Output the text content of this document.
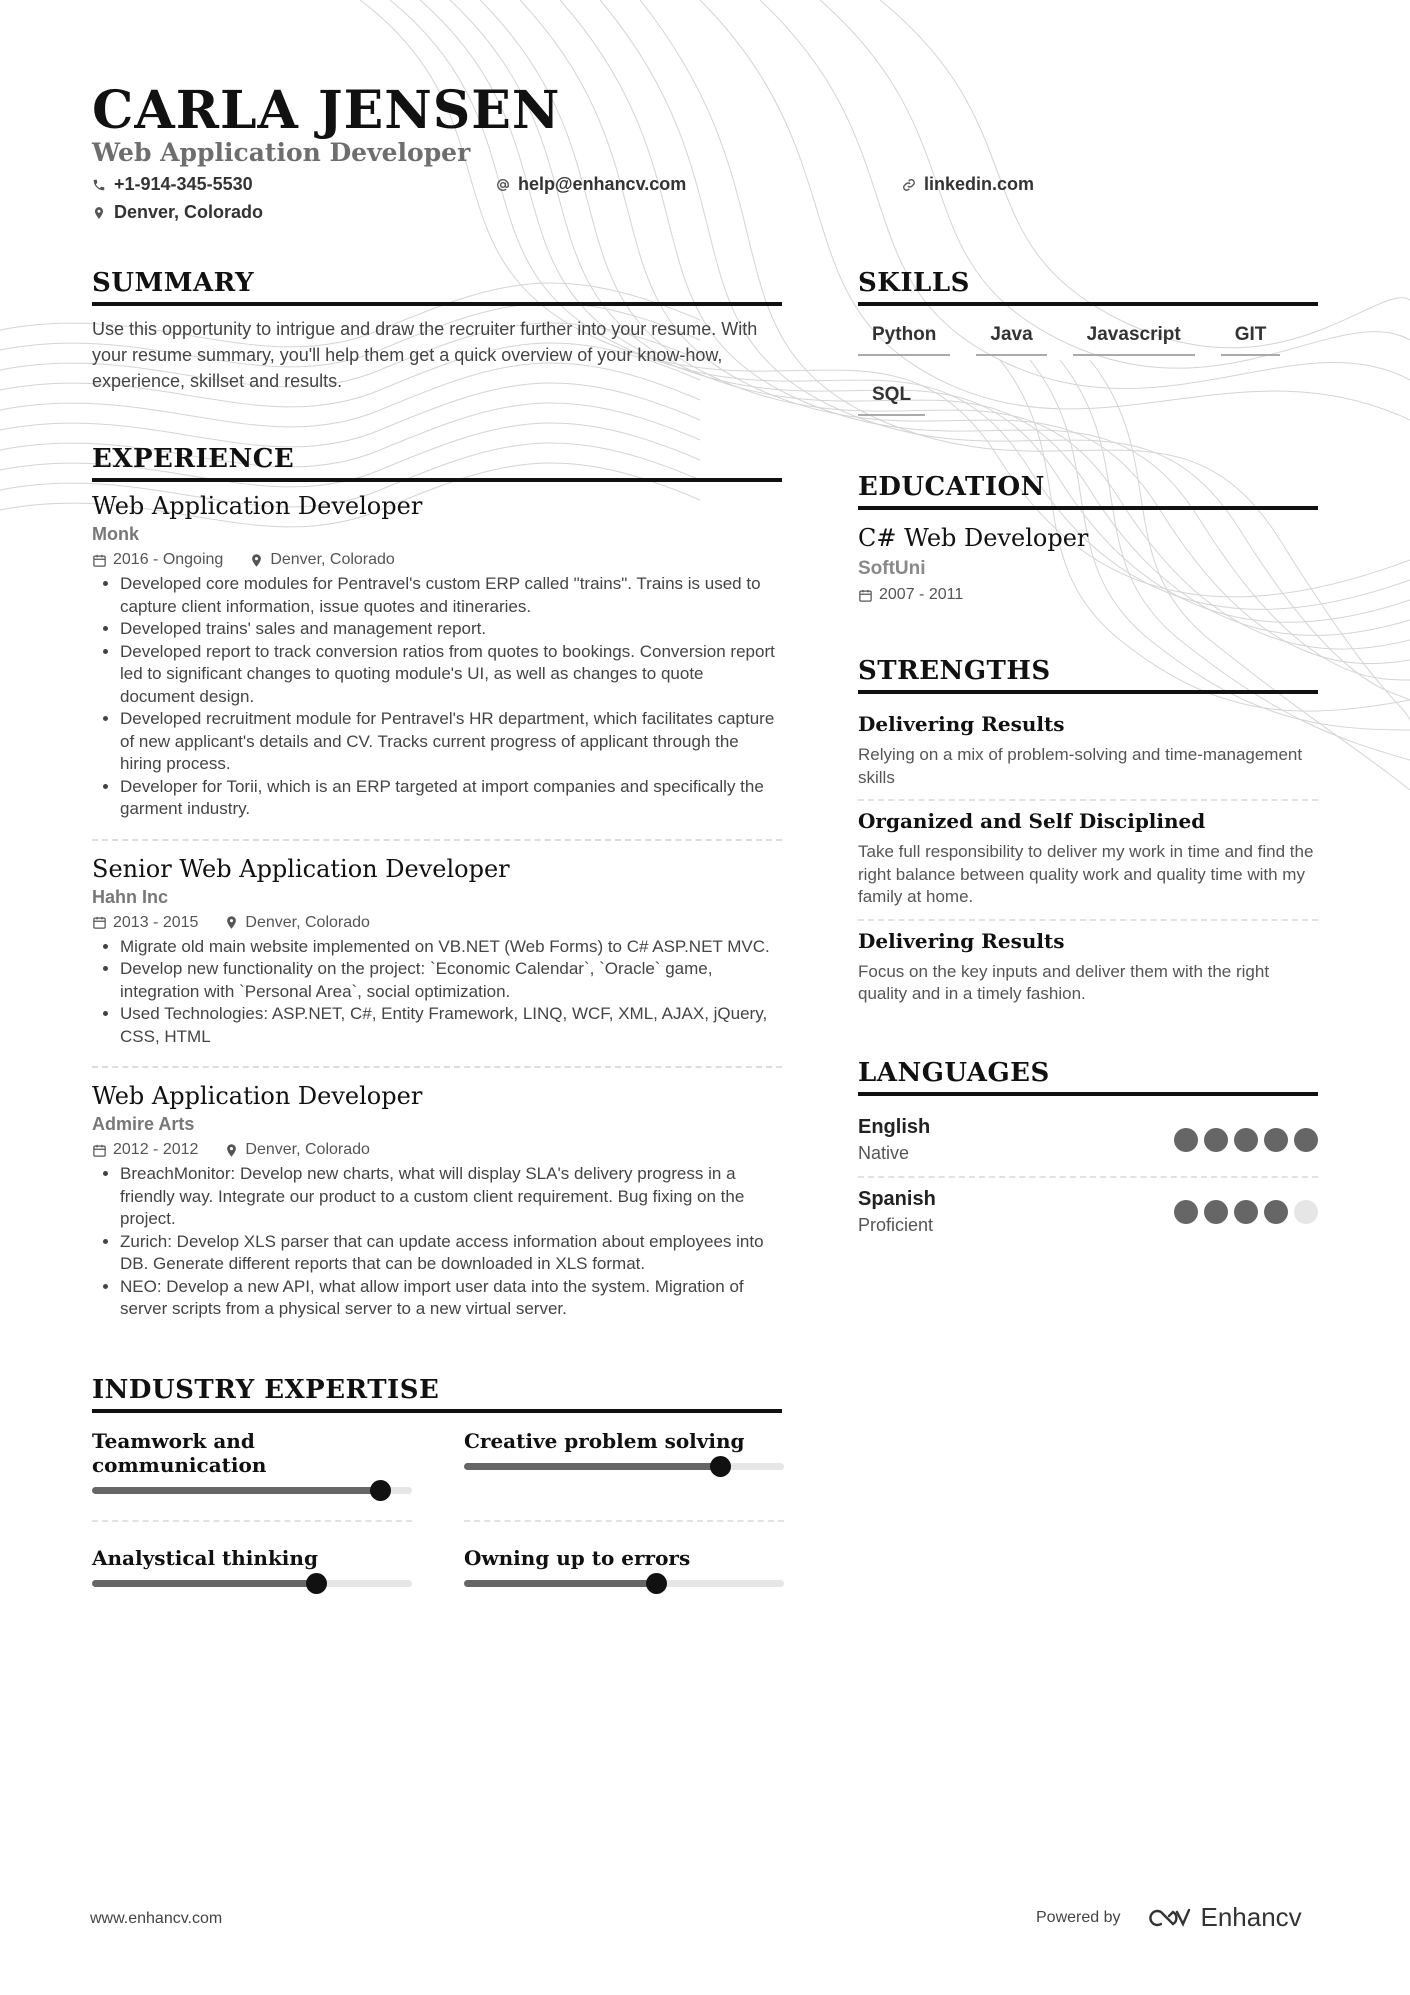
CARLA JENSEN
Web Application Developer
+1-914-345-5530	help@enhancv.com	linkedin.com
Denver, Colorado
SUMMARY

Use this opportunity to intrigue and draw the recruiter further into your resume. With your resume summary, you'll help them get a quick overview of your know-how, experience, skillset and results.

EXPERIENCE
Web Application Developer
Monk
2016 - Ongoing	Denver, Colorado
• Developed core modules for Pentravel's custom ERP called "trains". Trains is used to capture client information, issue quotes and itineraries.
• Developed trains' sales and management report.
• Developed report to track conversion ratios from quotes to bookings. Conversion report led to significant changes to quoting module's UI, as well as changes to quote document design.
• Developed recruitment module for Pentravel's HR department, which facilitates capture of new applicant's details and CV. Tracks current progress of applicant through the hiring process.
• Developer for Torii, which is an ERP targeted at import companies and specifically the garment industry.
Senior Web Application Developer
Hahn Inc
2013 - 2015	Denver, Colorado
• Migrate old main website implemented on VB.NET (Web Forms) to C# ASP.NET MVC.
• Develop new functionality on the project: `Economic Calendar`, `Oracle` game, integration with `Personal Area`, social optimization.
• Used Technologies: ASP.NET, C#, Entity Framework, LINQ, WCF, XML, AJAX, jQuery, CSS, HTML
Web Application Developer
Admire Arts
2012 - 2012	Denver, Colorado
• BreachMonitor: Develop new charts, what will display SLA's delivery progress in a friendly way. Integrate our product to a custom client requirement. Bug fixing on the project.
• Zurich: Develop XLS parser that can update access information about employees into DB. Generate different reports that can be downloaded in XLS format.
• NEO: Develop a new API, what allow import user data into the system. Migration of server scripts from a physical server to a new virtual server.
INDUSTRY EXPERTISE
Teamwork and communication
Creative problem solving
Analystical thinking	Owning up to errors
SKILLS
Python	Java	Javascript	GIT
SQL
EDUCATION
C# Web Developer
SoftUni
2007 - 2011
STRENGTHS
Delivering Results
Relying on a mix of problem-solving and time-management skills
Organized and Self Disciplined
Take full responsibility to deliver my work in time and find the right balance between quality work and quality time with my family at home.
Delivering Results
Focus on the key inputs and deliver them with the right quality and in a timely fashion.
LANGUAGES
English
Native
Spanish
Proficient
www.enhancv.com	Powered by	Enhancv
